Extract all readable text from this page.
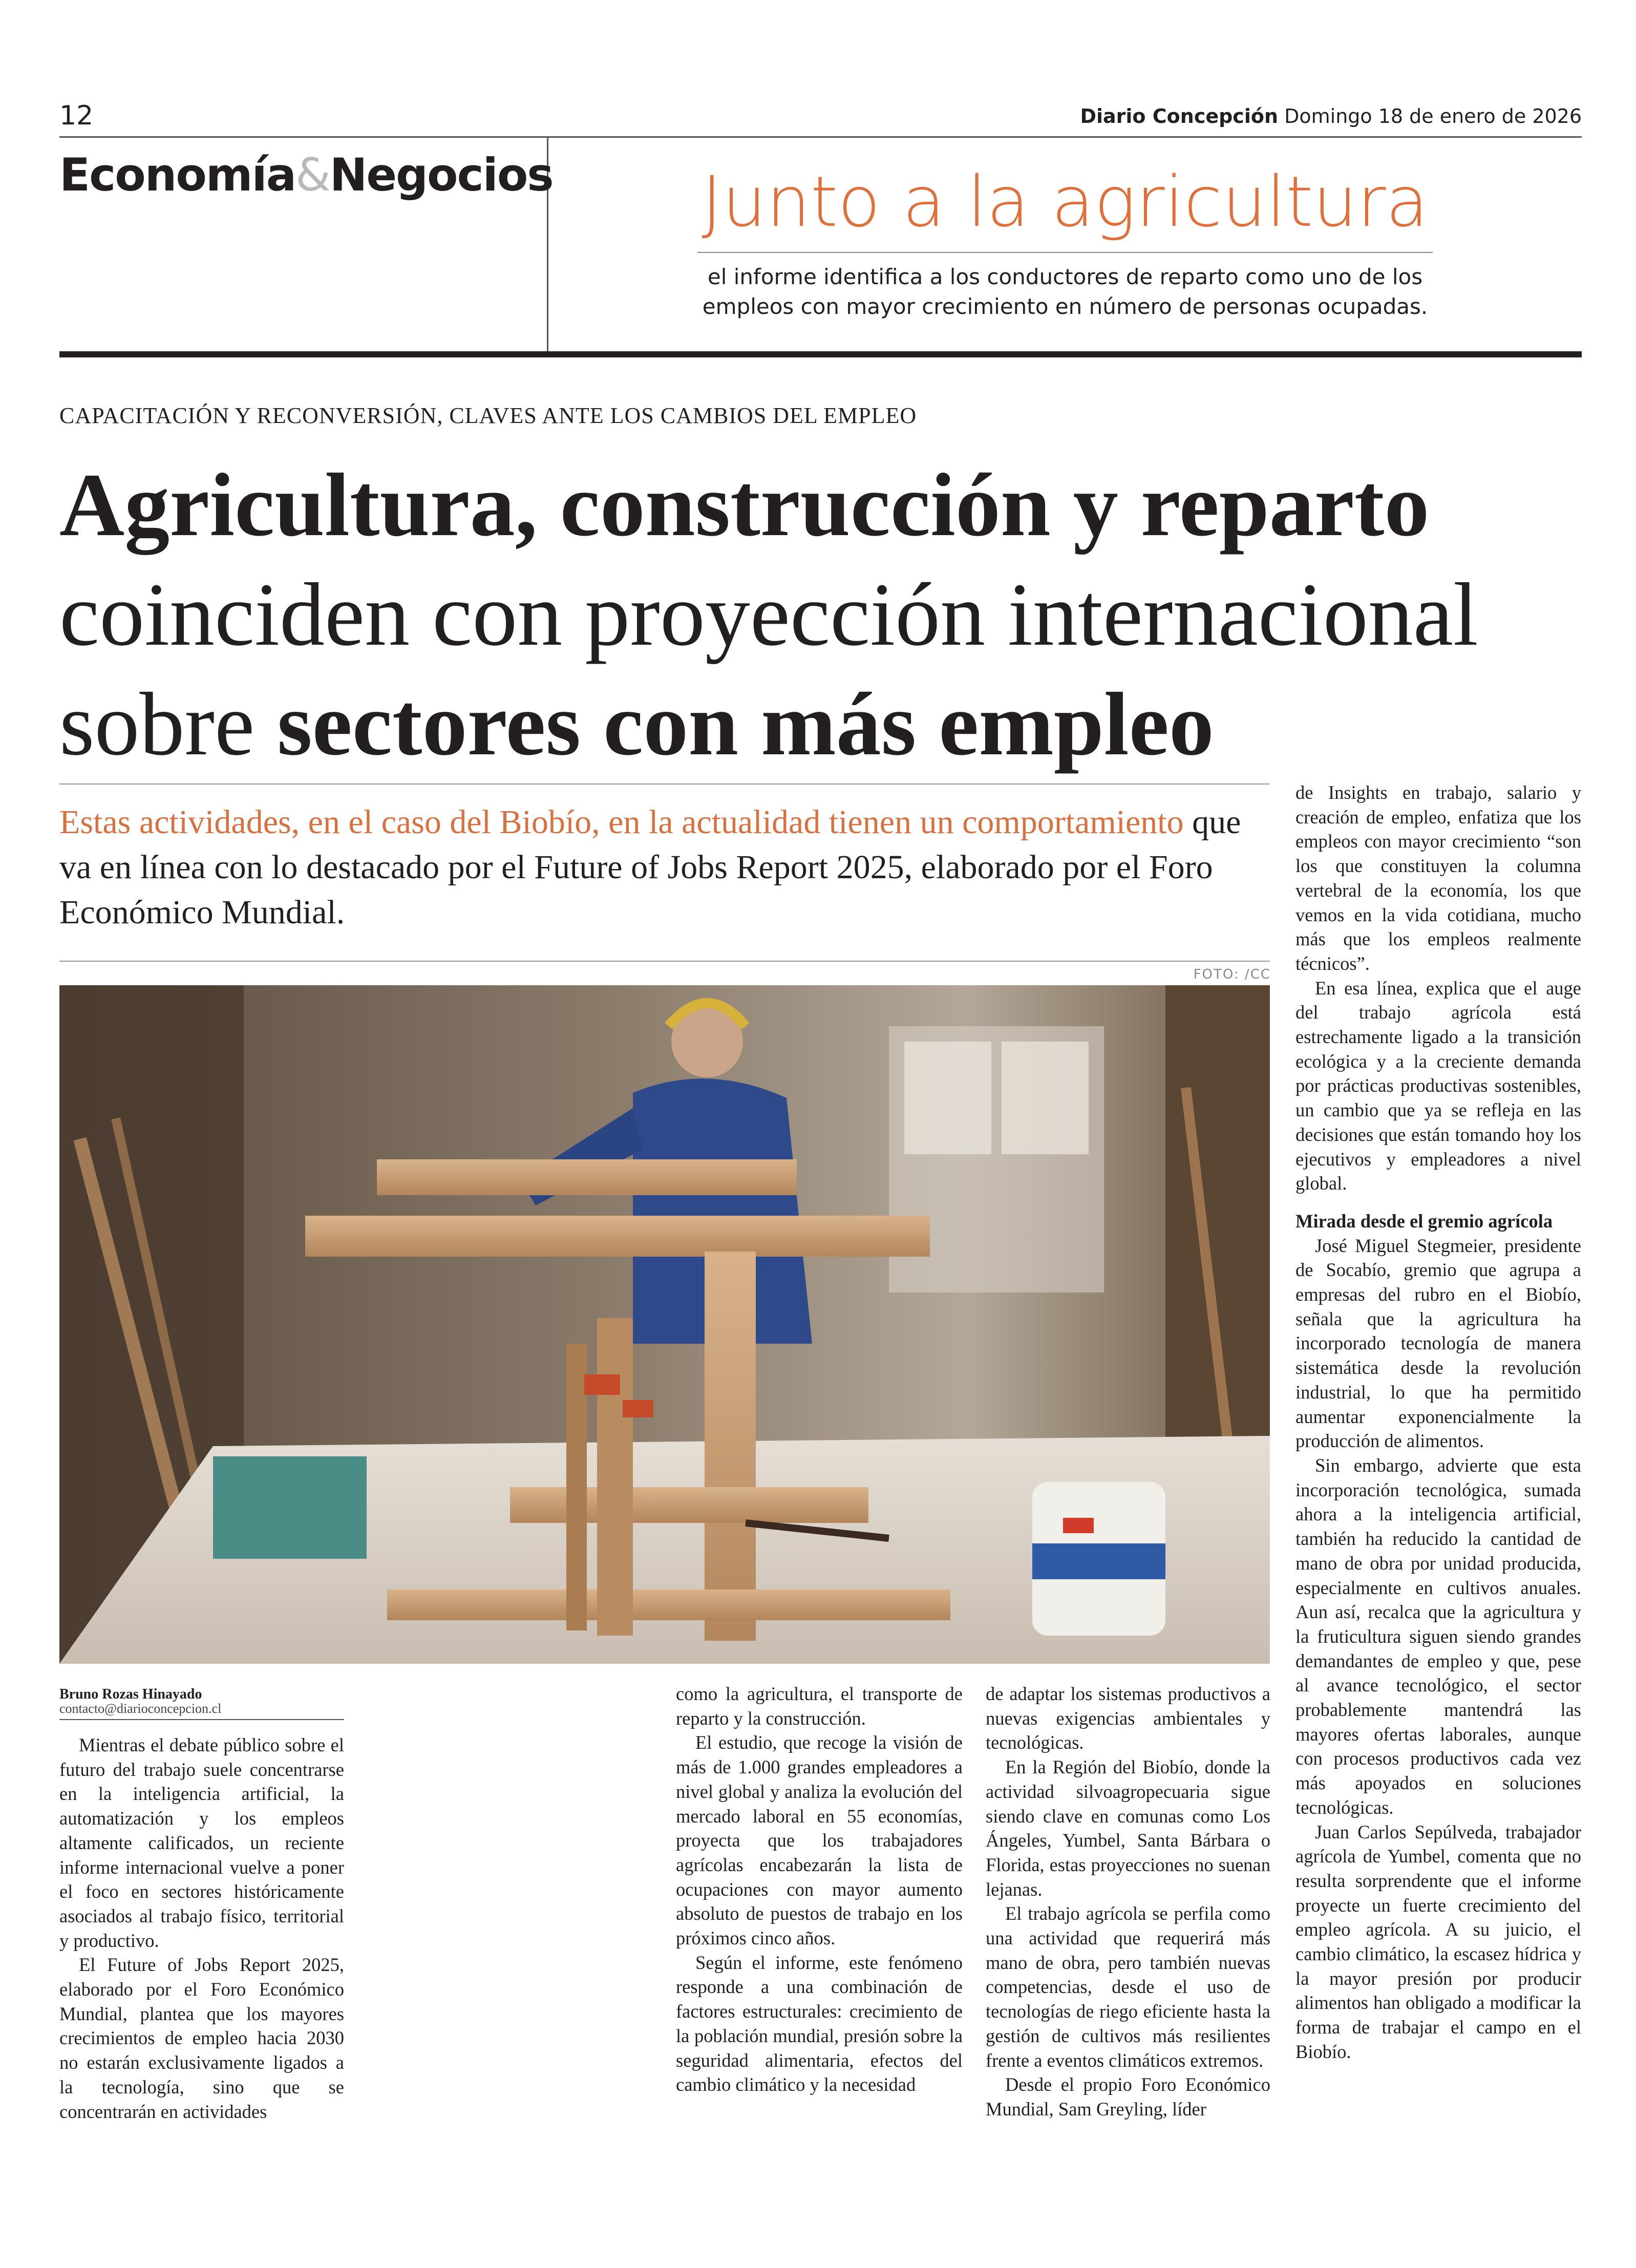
12	Diario Concepción Domingo 18 de enero de 2026
Economía&Negocios Junto a la agricultura
el informe identifica a los conductores de reparto como uno de los empleos con mayor crecimiento en número de personas ocupadas.
CAPACITACIÓN Y RECONVERSIÓN, CLAVES ANTE LOS CAMBIOS DEL EMPLEO
Agricultura, construcción y reparto
coinciden con proyección internacional
sobre sectores con más empleo
Estas actividades, en el caso del Biobío, en la actualidad tienen un comportamiento que va en línea con lo destacado por el Future of Jobs Report 2025, elaborado por el Foro Económico Mundial.
FOTO: /CC
Bruno Rozas Hinayado
contacto@diarioconcepcion.cl

Mientras el debate público sobre el futuro del trabajo suele concentrarse en la inteligencia artificial, la automatización y los empleos altamente calificados, un reciente informe internacional vuelve a poner el foco en sectores históricamente asociados al trabajo físico, territorial y productivo.

El Future of Jobs Report 2025, elaborado por el Foro Económico Mundial, plantea que los mayores crecimientos de empleo hacia 2030 no estarán exclusivamente ligados a la tecnología, sino que se concentrarán en actividades

como la agricultura, el transporte de reparto y la construcción.

El estudio, que recoge la visión de más de 1.000 grandes empleadores a nivel global y analiza la evolución del mercado laboral en 55 economías, proyecta que los trabajadores agrícolas encabezarán la lista de ocupaciones con mayor aumento absoluto de puestos de trabajo en los próximos cinco años.

Según el informe, este fenómeno responde a una combinación de factores estructurales: crecimiento de la población mundial, presión sobre la seguridad alimentaria, efectos del cambio climático y la necesidad

de adaptar los sistemas productivos a nuevas exigencias ambientales y tecnológicas.

En la Región del Biobío, donde la actividad silvoagropecuaria sigue siendo clave en comunas como Los Ángeles, Yumbel, Santa Bárbara o Florida, estas proyecciones no suenan lejanas.

El trabajo agrícola se perfila como una actividad que requerirá más mano de obra, pero también nuevas competencias, desde el uso de tecnologías de riego eficiente hasta la gestión de cultivos más resilientes frente a eventos climáticos extremos.

Desde el propio Foro Económico Mundial, Sam Greyling, líder

de Insights en trabajo, salario y creación de empleo, enfatiza que los empleos con mayor crecimiento “son los que constituyen la columna vertebral de la economía, los que vemos en la vida cotidiana, mucho más que los empleos realmente técnicos”.

En esa línea, explica que el auge del trabajo agrícola está estrechamente ligado a la transición ecológica y a la creciente demanda por prácticas productivas sostenibles, un cambio que ya se refleja en las decisiones que están tomando hoy los ejecutivos y empleadores a nivel global.

Mirada desde el gremio agrícola

José Miguel Stegmeier, presidente de Socabío, gremio que agrupa a empresas del rubro en el Biobío, señala que la agricultura ha incorporado tecnología de manera sistemática desde la revolución industrial, lo que ha permitido aumentar exponencialmente la producción de alimentos.

Sin embargo, advierte que esta incorporación tecnológica, sumada ahora a la inteligencia artificial, también ha reducido la cantidad de mano de obra por unidad producida, especialmente en cultivos anuales. Aun así, recalca que la agricultura y la fruticultura siguen siendo grandes demandantes de empleo y que, pese al avance tecnológico, el sector probablemente mantendrá las mayores ofertas laborales, aunque con procesos productivos cada vez más apoyados en soluciones tecnológicas.

Juan Carlos Sepúlveda, trabajador agrícola de Yumbel, comenta que no resulta sorprendente que el informe proyecte un fuerte crecimiento del empleo agrícola. A su juicio, el cambio climático, la escasez hídrica y la mayor presión por producir alimentos han obligado a modificar la forma de trabajar el campo en el Biobío.
